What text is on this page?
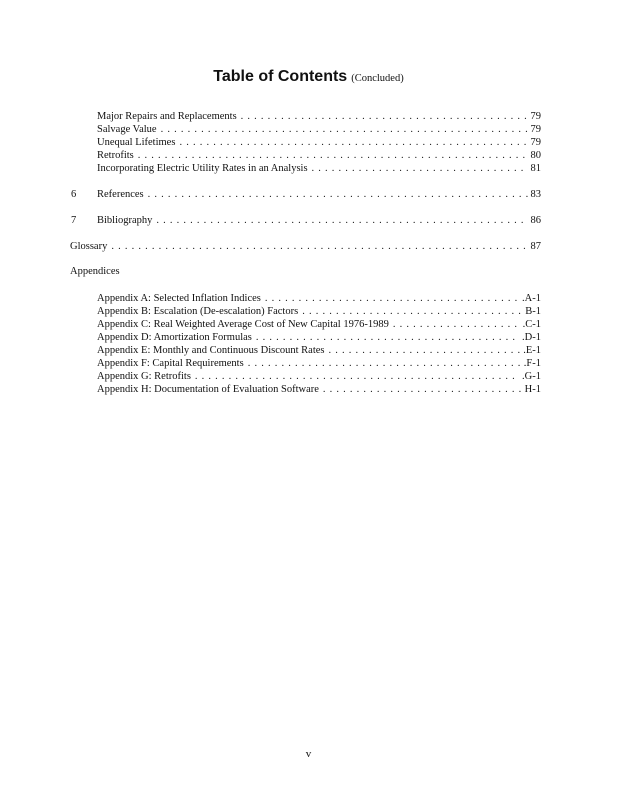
Table of Contents (Concluded)
Major Repairs and Replacements . . .	79
Salvage Value . . .	79
Unequal Lifetimes . . .	79
Retrofits . . .	80
Incorporating Electric Utility Rates in an Analysis . . .	81
6 References . . .	83
7 Bibliography . . .	86
Glossary . . .	87
Appendices
Appendix A: Selected Inflation Indices . . .	.A-1
Appendix B: Escalation (De-escalation) Factors . . .	B-1
Appendix C: Real Weighted Average Cost of New Capital 1976-1989 . . .	.C-1
Appendix D: Amortization Formulas . . .	.D-1
Appendix E: Monthly and Continuous Discount Rates . . .	.E-1
Appendix F: Capital Requirements . . .	.F-1
Appendix G: Retrofits . . .	.G-1
Appendix H: Documentation of Evaluation Software . . .	H-1
v
